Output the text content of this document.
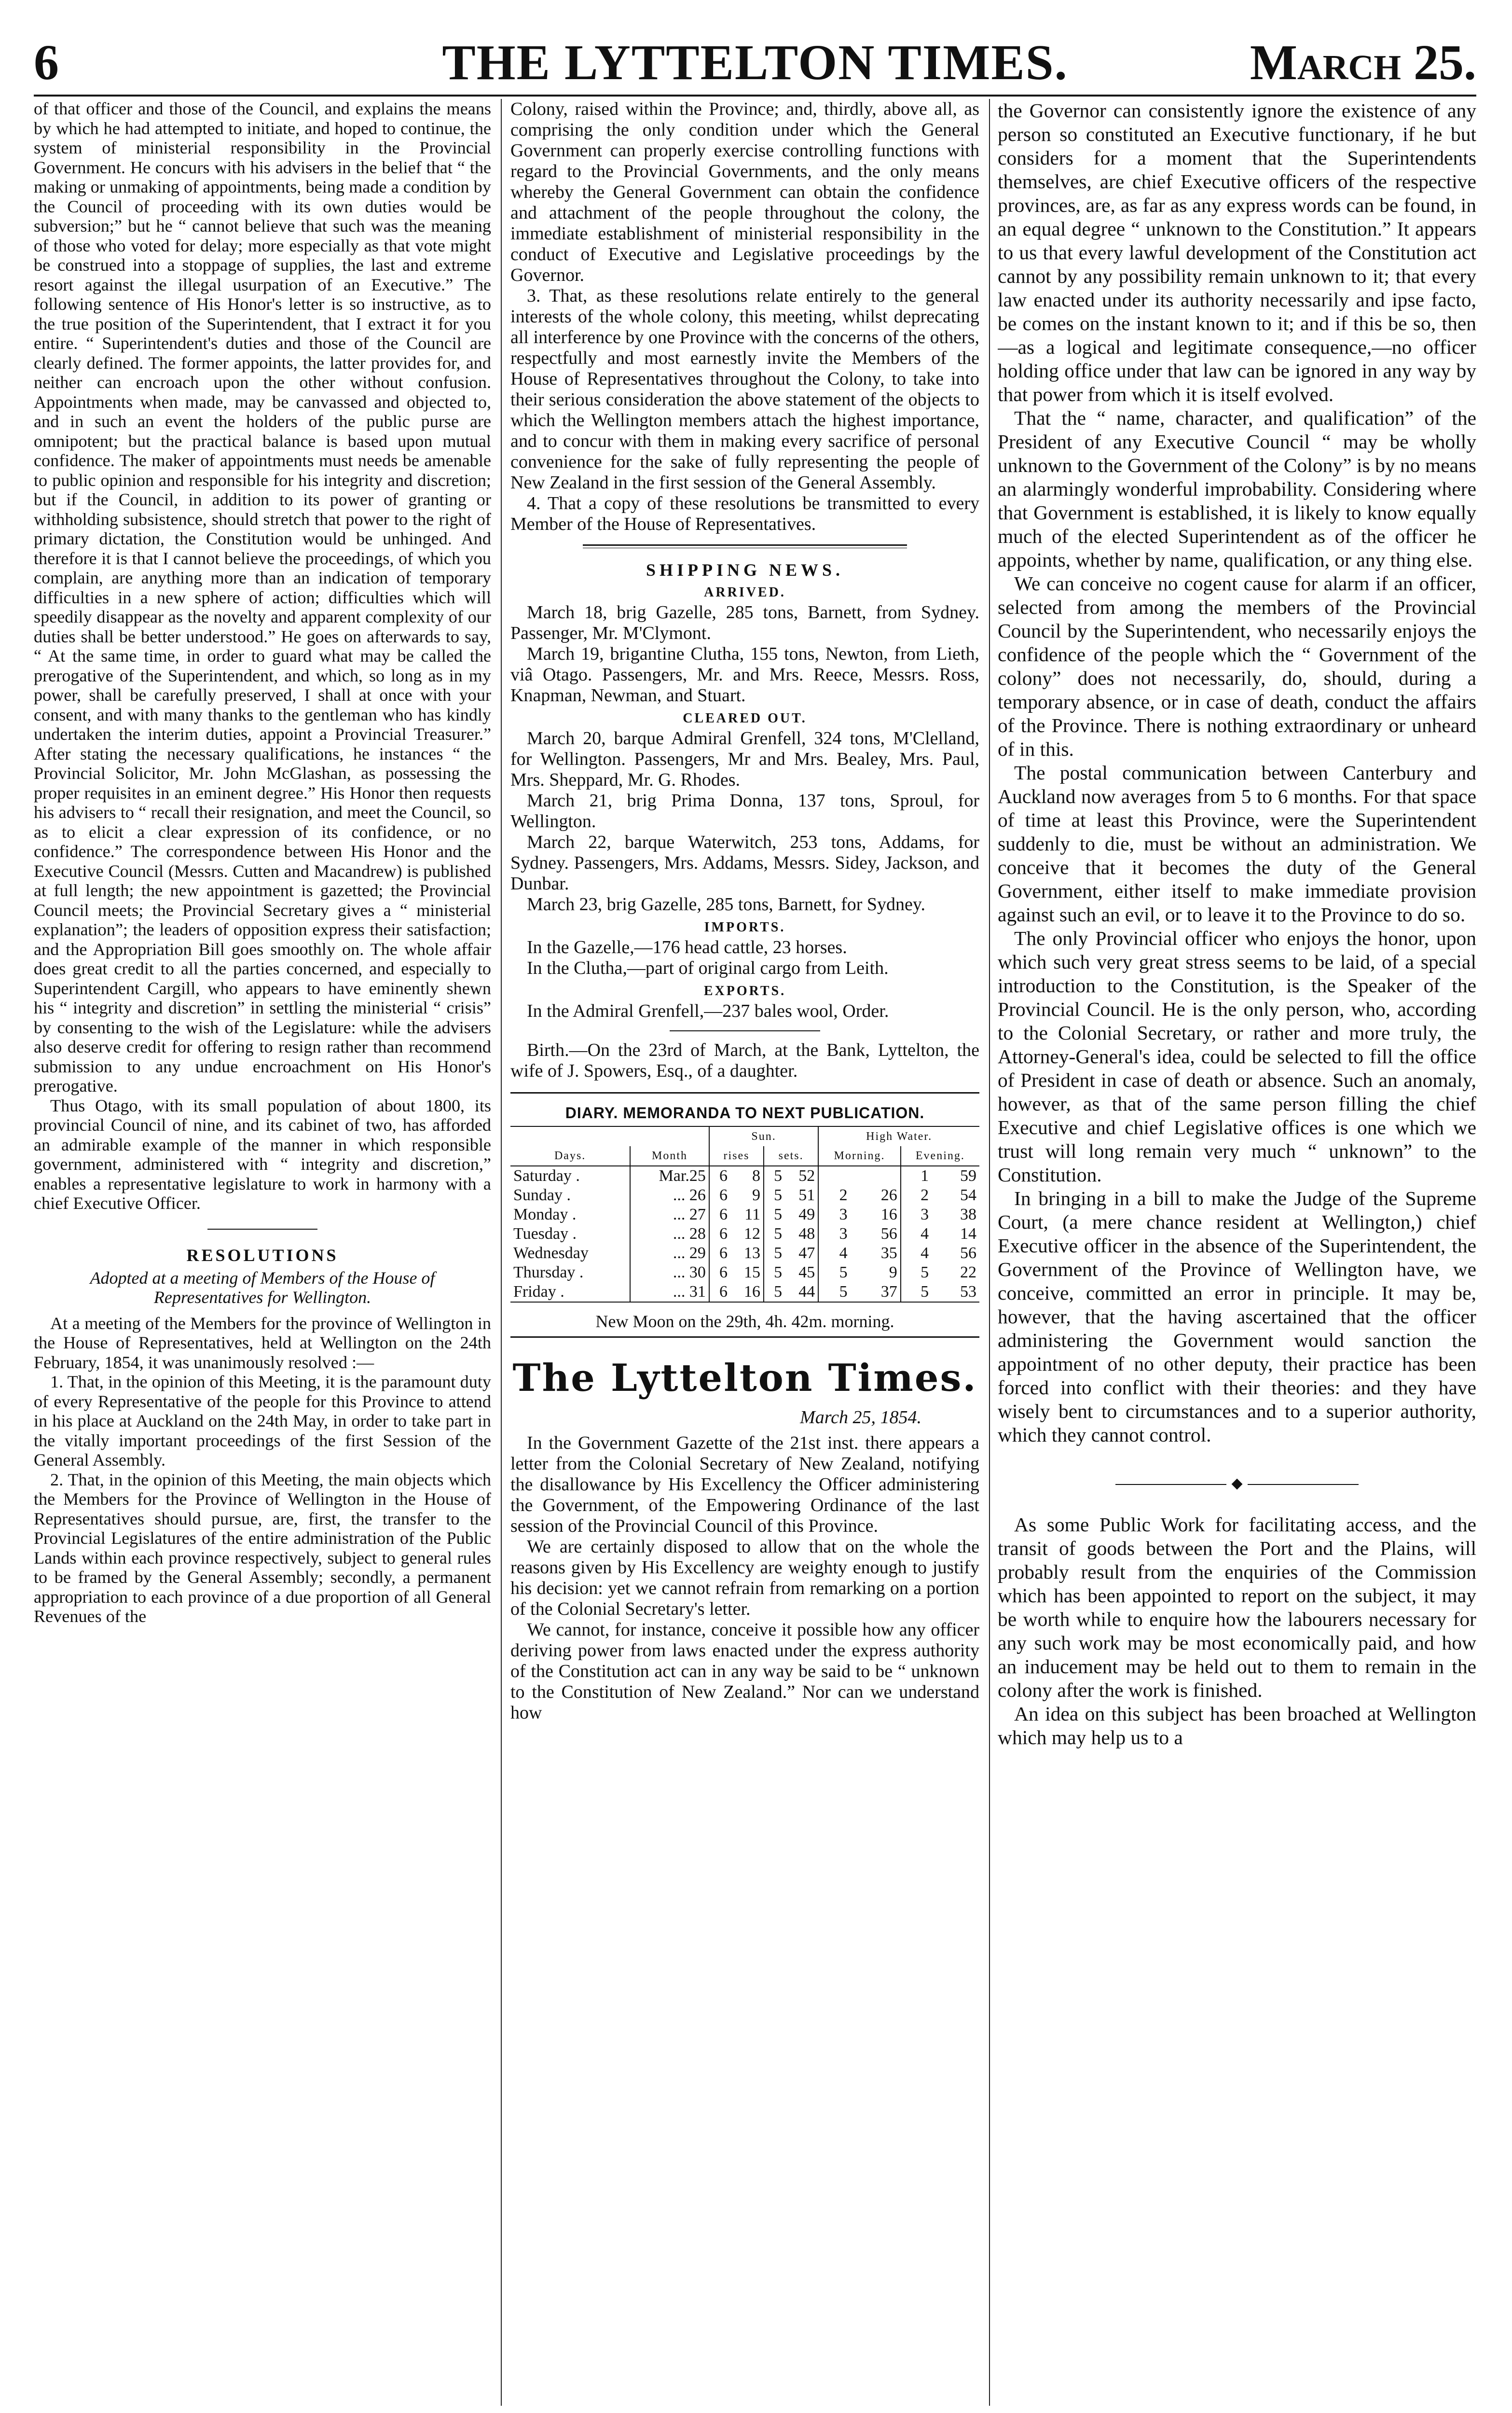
6	THE LYTTELTON TIMES.	March 25.

of that officer and those of the Council, and explains the means by which he had attempted to initiate, and hoped to continue, the system of ministerial responsibility in the Provincial Government. He concurs with his advisers in the belief that “ the making or unmaking of appointments, being made a condition by the Council of proceeding with its own duties would be subversion;” but he “ cannot believe that such was the meaning of those who voted for delay; more especially as that vote might be construed into a stoppage of supplies, the last and extreme resort against the illegal usurpation of an Executive.” The following sentence of His Honor's letter is so instructive, as to the true position of the Superintendent, that I extract it for you entire. “ Superintendent's duties and those of the Council are clearly defined. The former appoints, the latter provides for, and neither can encroach upon the other without confusion. Appointments when made, may be canvassed and objected to, and in such an event the holders of the public purse are omnipotent; but the practical balance is based upon mutual confidence. The maker of appointments must needs be amenable to public opinion and responsible for his integrity and discretion; but if the Council, in addition to its power of granting or withholding subsistence, should stretch that power to the right of primary dictation, the Constitution would be unhinged. And therefore it is that I cannot believe the proceedings, of which you complain, are anything more than an indication of temporary difficulties in a new sphere of action; difficulties which will speedily disappear as the novelty and apparent complexity of our duties shall be better understood.” He goes on afterwards to say, “ At the same time, in order to guard what may be called the prerogative of the Superintendent, and which, so long as in my power, shall be carefully preserved, I shall at once with your consent, and with many thanks to the gentleman who has kindly undertaken the interim duties, appoint a Provincial Treasurer.” After stating the necessary qualifications, he instances “ the Provincial Solicitor, Mr. John McGlashan, as possessing the proper requisites in an eminent degree.” His Honor then requests his advisers to “ recall their resignation, and meet the Council, so as to elicit a clear expression of its confidence, or no confidence.” The correspondence between His Honor and the Executive Council (Messrs. Cutten and Macandrew) is published at full length; the new appointment is gazetted; the Provincial Council meets; the Provincial Secretary gives a “ ministerial explanation”; the leaders of opposition express their satisfaction; and the Appropriation Bill goes smoothly on. The whole affair does great credit to all the parties concerned, and especially to Superintendent Cargill, who appears to have eminently shewn his “ integrity and discretion” in settling the ministerial “ crisis” by consenting to the wish of the Legislature: while the advisers also deserve credit for offering to resign rather than recommend submission to any undue encroachment on His Honor's prerogative.

Thus Otago, with its small population of about 1800, its provincial Council of nine, and its cabinet of two, has afforded an admirable example of the manner in which responsible government, administered with “ integrity and discretion,” enables a representative legislature to work in harmony with a chief Executive Officer.

RESOLUTIONS
Adopted at a meeting of Members of the House of Representatives for Wellington.

At a meeting of the Members for the province of Wellington in the House of Representatives, held at Wellington on the 24th February, 1854, it was unanimously resolved :—

1. That, in the opinion of this Meeting, it is the paramount duty of every Representative of the people for this Province to attend in his place at Auckland on the 24th May, in order to take part in the vitally important proceedings of the first Session of the General Assembly.

2. That, in the opinion of this Meeting, the main objects which the Members for the Province of Wellington in the House of Representatives should pursue, are, first, the transfer to the Provincial Legislatures of the entire administration of the Public Lands within each province respectively, subject to general rules to be framed by the General Assembly; secondly, a permanent appropriation to each province of a due proportion of all General Revenues of the

Colony, raised within the Province; and, thirdly, above all, as comprising the only condition under which the General Government can properly exercise controlling functions with regard to the Provincial Governments, and the only means whereby the General Government can obtain the confidence and attachment of the people throughout the colony, the immediate establishment of ministerial responsibility in the conduct of Executive and Legislative proceedings by the Governor.

3. That, as these resolutions relate entirely to the general interests of the whole colony, this meeting, whilst deprecating all interference by one Province with the concerns of the others, respectfully and most earnestly invite the Members of the House of Representatives throughout the Colony, to take into their serious consideration the above statement of the objects to which the Wellington members attach the highest importance, and to concur with them in making every sacrifice of personal convenience for the sake of fully representing the people of New Zealand in the first session of the General Assembly.

4. That a copy of these resolutions be transmitted to every Member of the House of Representatives.

SHIPPING NEWS.
ARRIVED.

March 18, brig Gazelle, 285 tons, Barnett, from Sydney. Passenger, Mr. M'Clymont.

March 19, brigantine Clutha, 155 tons, Newton, from Lieth, viâ Otago. Passengers, Mr. and Mrs. Reece, Messrs. Ross, Knapman, Newman, and Stuart.

CLEARED OUT.

March 20, barque Admiral Grenfell, 324 tons, M'Clelland, for Wellington. Passengers, Mr and Mrs. Bealey, Mrs. Paul, Mrs. Sheppard, Mr. G. Rhodes.

March 21, brig Prima Donna, 137 tons, Sproul, for Wellington.

March 22, barque Waterwitch, 253 tons, Addams, for Sydney. Passengers, Mrs. Addams, Messrs. Sidey, Jackson, and Dunbar.

March 23, brig Gazelle, 285 tons, Barnett, for Sydney.

IMPORTS.

In the Gazelle,—176 head cattle, 23 horses.

In the Clutha,—part of original cargo from Leith.

EXPORTS.

In the Admiral Grenfell,—237 bales wool, Order.

Birth.—On the 23rd of March, at the Bank, Lyttelton, the wife of J. Spowers, Esq., of a daughter.

DIARY. MEMORANDA TO NEXT PUBLICATION.
		Sun.				High Water.			
Days.	Month	rises		sets.		Morning.		Evening.	
Saturday .	Mar.25	6	8	5	52			1	59
Sunday .	... 26	6	9	5	51	2	26	2	54
Monday .	... 27	6	11	5	49	3	16	3	38
Tuesday .	... 28	6	12	5	48	3	56	4	14
Wednesday	... 29	6	13	5	47	4	35	4	56
Thursday .	... 30	6	15	5	45	5	9	5	22
Friday .	... 31	6	16	5	44	5	37	5	53
New Moon on the 29th, 4h. 42m. morning.
The Lyttelton Times.
March 25, 1854.

In the Government Gazette of the 21st inst. there appears a letter from the Colonial Secretary of New Zealand, notifying the disallowance by His Excellency the Officer administering the Government, of the Empowering Ordinance of the last session of the Provincial Council of this Province.

We are certainly disposed to allow that on the whole the reasons given by His Excellency are weighty enough to justify his decision: yet we cannot refrain from remarking on a portion of the Colonial Secretary's letter.

We cannot, for instance, conceive it possible how any officer deriving power from laws enacted under the express authority of the Constitution act can in any way be said to be “ unknown to the Constitution of New Zealand.” Nor can we understand how

the Governor can consistently ignore the existence of any person so constituted an Executive functionary, if he but considers for a moment that the Superintendents themselves, are chief Executive officers of the respective provinces, are, as far as any express words can be found, in an equal degree “ unknown to the Constitution.” It appears to us that every lawful development of the Constitution act cannot by any possibility remain unknown to it; that every law enacted under its authority necessarily and ipse facto, be comes on the instant known to it; and if this be so, then—as a logical and legitimate consequence,—no officer holding office under that law can be ignored in any way by that power from which it is itself evolved.

That the “ name, character, and qualification” of the President of any Executive Council “ may be wholly unknown to the Government of the Colony” is by no means an alarmingly wonderful improbability. Considering where that Government is established, it is likely to know equally much of the elected Superintendent as of the officer he appoints, whether by name, qualification, or any thing else.

We can conceive no cogent cause for alarm if an officer, selected from among the members of the Provincial Council by the Superintendent, who necessarily enjoys the confidence of the people which the “ Government of the colony” does not necessarily, do, should, during a temporary absence, or in case of death, conduct the affairs of the Province. There is nothing extraordinary or unheard of in this.

The postal communication between Canterbury and Auckland now averages from 5 to 6 months. For that space of time at least this Province, were the Superintendent suddenly to die, must be without an administration. We conceive that it becomes the duty of the General Government, either itself to make immediate provision against such an evil, or to leave it to the Province to do so.

The only Provincial officer who enjoys the honor, upon which such very great stress seems to be laid, of a special introduction to the Constitution, is the Speaker of the Provincial Council. He is the only person, who, according to the Colonial Secretary, or rather and more truly, the Attorney-General's idea, could be selected to fill the office of President in case of death or absence. Such an anomaly, however, as that of the same person filling the chief Executive and chief Legislative offices is one which we trust will long remain very much “ unknown” to the Constitution.

In bringing in a bill to make the Judge of the Supreme Court, (a mere chance resident at Wellington,) chief Executive officer in the absence of the Superintendent, the Government of the Province of Wellington have, we conceive, committed an error in principle. It may be, however, that the having ascertained that the officer administering the Government would sanction the appointment of no other deputy, their practice has been forced into conflict with their theories: and they have wisely bent to circumstances and to a superior authority, which they cannot control.

◆

As some Public Work for facilitating access, and the transit of goods between the Port and the Plains, will probably result from the enquiries of the Commission which has been appointed to report on the subject, it may be worth while to enquire how the labourers necessary for any such work may be most economically paid, and how an inducement may be held out to them to remain in the colony after the work is finished.

An idea on this subject has been broached at Wellington which may help us to a
